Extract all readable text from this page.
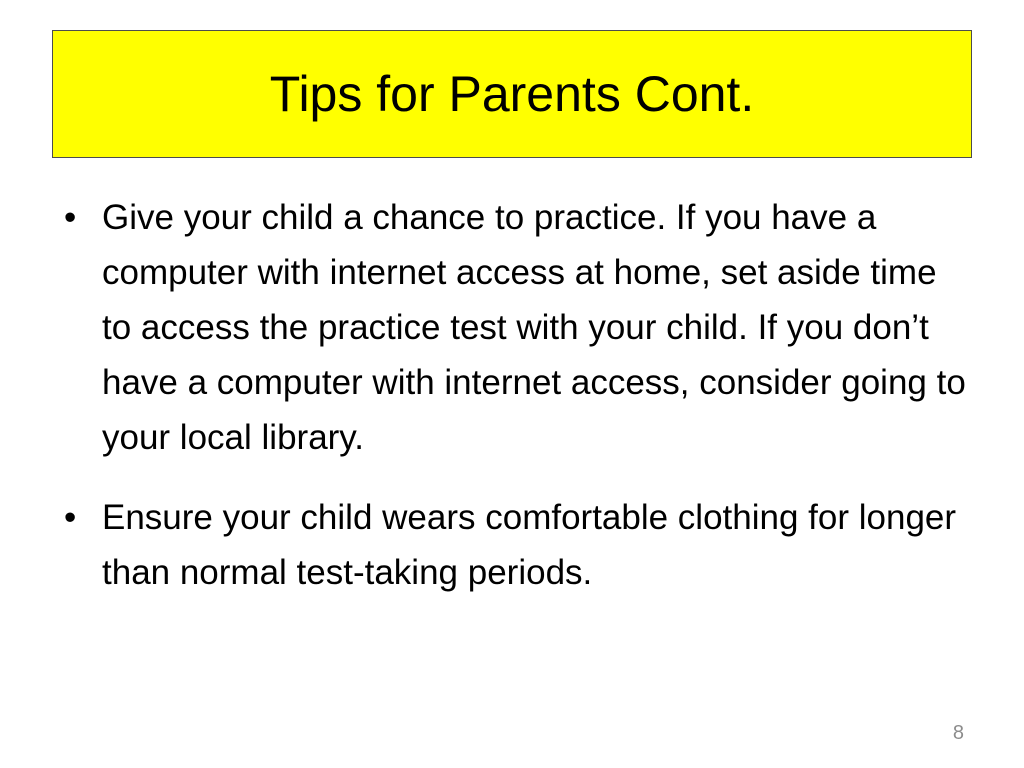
Tips for Parents Cont.
• Give your child a chance to practice. If you have a computer with internet access at home, set aside time to access the practice test with your child. If you don’t have a computer with internet access, consider going to your local library.
• Ensure your child wears comfortable clothing for longer than normal test-taking periods.
8
